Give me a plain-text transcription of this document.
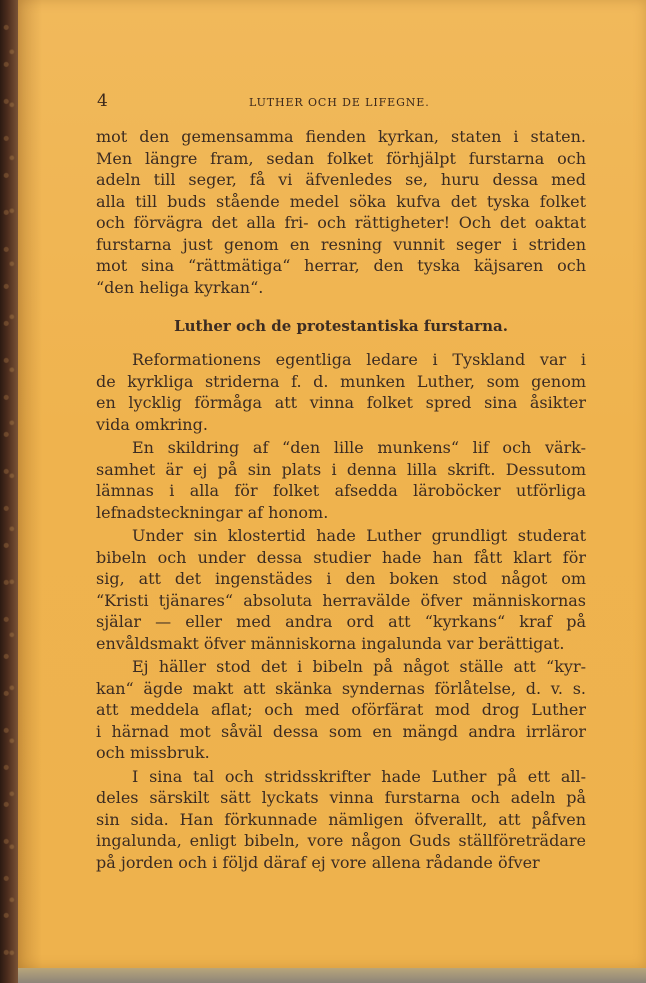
4	LUTHER OCH DE LIFEGNE.
mot den gemensamma fienden kyrkan, staten i staten.
Men längre fram, sedan folket förhjälpt furstarna och
adeln till seger, få vi äfvenledes se, huru dessa med
alla till buds stående medel söka kufva det tyska folket
och förvägra det alla fri- och rättigheter! Och det oaktat
furstarna just genom en resning vunnit seger i striden
mot sina “rättmätiga“ herrar, den tyska käjsaren och
“den heliga kyrkan“.
Luther och de protestantiska furstarna.
Reformationens egentliga ledare i Tyskland var i
de kyrkliga striderna f. d. munken Luther, som genom
en lycklig förmåga att vinna folket spred sina åsikter
vida omkring.
En skildring af “den lille munkens“ lif och värk-
samhet är ej på sin plats i denna lilla skrift. Dessutom
lämnas i alla för folket afsedda läroböcker utförliga
lefnadsteckningar af honom.
Under sin klostertid hade Luther grundligt studerat
bibeln och under dessa studier hade han fått klart för
sig, att det ingenstädes i den boken stod något om
“Kristi tjänares“ absoluta herravälde öfver människornas
själar — eller med andra ord att “kyrkans“ kraf på
envåldsmakt öfver människorna ingalunda var berättigat.
Ej häller stod det i bibeln på något ställe att “kyr-
kan“ ägde makt att skänka syndernas förlåtelse, d. v. s.
att meddela aflat; och med oförfärat mod drog Luther
i härnad mot såväl dessa som en mängd andra irrläror
och missbruk.
I sina tal och stridsskrifter hade Luther på ett all-
deles särskilt sätt lyckats vinna furstarna och adeln på
sin sida. Han förkunnade nämligen öfverallt, att påfven
ingalunda, enligt bibeln, vore någon Guds ställföreträdare
på jorden och i följd däraf ej vore allena rådande öfver
